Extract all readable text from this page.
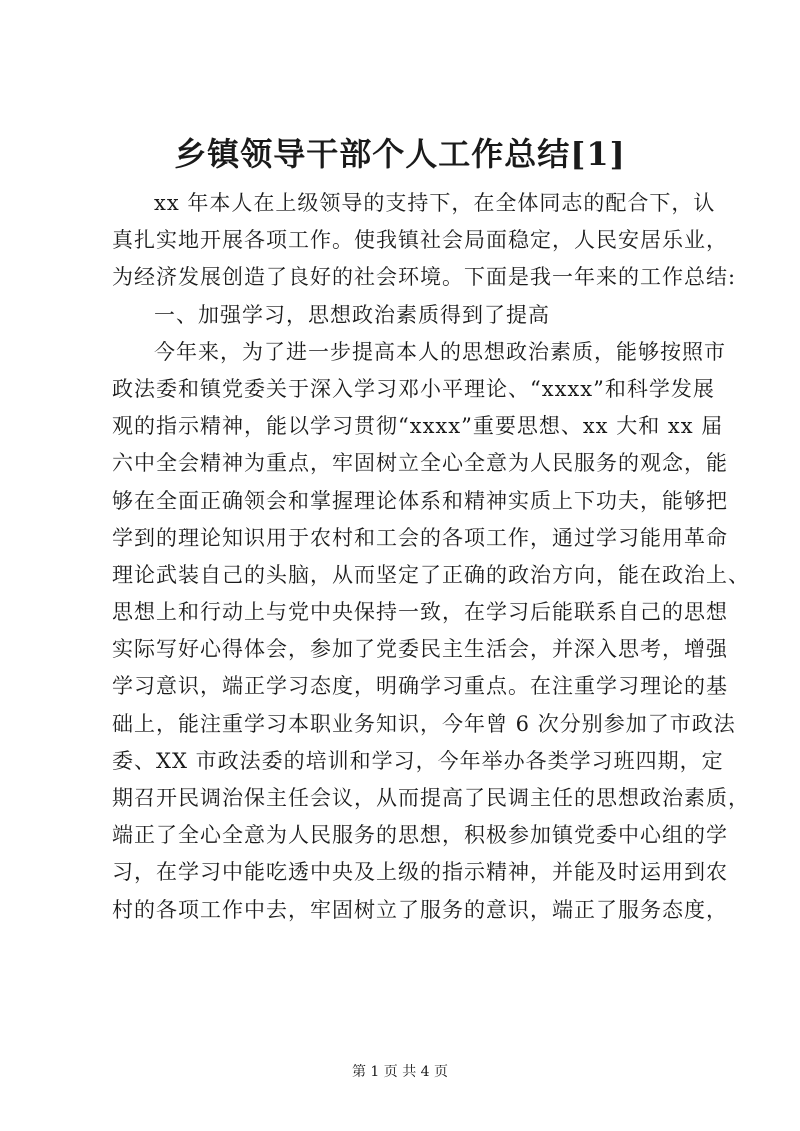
乡镇领导干部个人工作总结[1]
xx 年本人在上级领导的支持下，在全体同志的配合下，认
真扎实地开展各项工作。使我镇社会局面稳定，人民安居乐业，
为经济发展创造了良好的社会环境。下面是我一年来的工作总结:
一、加强学习，思想政治素质得到了提高
今年来，为了进一步提高本人的思想政治素质，能够按照市
政法委和镇党委关于深入学习邓小平理论、“xxxx”和科学发展
观的指示精神，能以学习贯彻“xxxx”重要思想、xx 大和 xx 届
六中全会精神为重点，牢固树立全心全意为人民服务的观念，能
够在全面正确领会和掌握理论体系和精神实质上下功夫，能够把
学到的理论知识用于农村和工会的各项工作，通过学习能用革命
理论武装自己的头脑，从而坚定了正确的政治方向，能在政治上、
思想上和行动上与党中央保持一致，在学习后能联系自己的思想
实际写好心得体会，参加了党委民主生活会，并深入思考，增强
学习意识，端正学习态度，明确学习重点。在注重学习理论的基
础上，能注重学习本职业务知识，今年曾 6 次分别参加了市政法
委、XX 市政法委的培训和学习，今年举办各类学习班四期，定
期召开民调治保主任会议，从而提高了民调主任的思想政治素质，
端正了全心全意为人民服务的思想，积极参加镇党委中心组的学
习，在学习中能吃透中央及上级的指示精神，并能及时运用到农
村的各项工作中去，牢固树立了服务的意识，端正了服务态度，
第 1 页 共 4 页
